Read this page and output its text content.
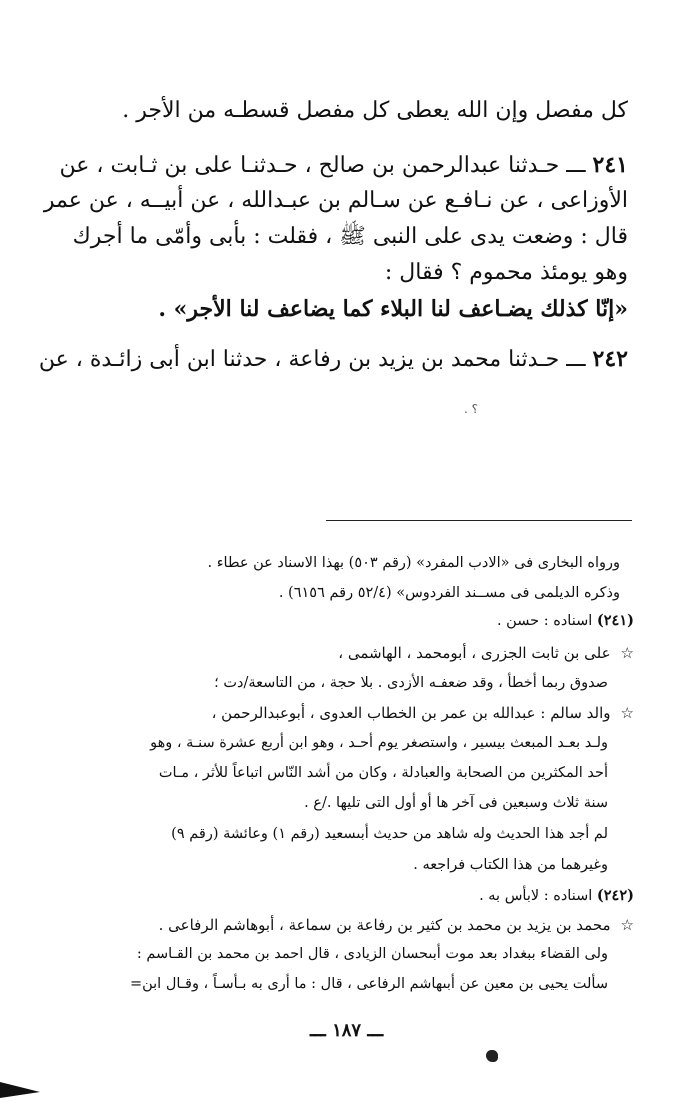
كل مفصل وإن الله يعطى كل مفصل قسطـه من الأجر .
٢٤١ ـــ حـدثنا عبدالرحمن بن صالح ، حـدثنـا على بن ثـابت ، عن
الأوزاعى ، عن نـافـع عن سـالم بن عبـدالله ، عن أبيــه ، عن عمر
قال : وضعت يدى على النبى ﷺ ، فقلت : بأبى وأمّى ما أجرك
وهو يومئذ محموم ؟ فقال :
«إنّا كذلك يضـاعف لنا البلاء كما يضاعف لنا الأجر» .
٢٤٢ ـــ حـدثنا محمد بن يزيد بن رفاعة ، حدثنا ابن أبى زائـدة ، عن
؟ .
ورواه البخارى فى «الادب المفرد» (رقم ٥٠٣) بهذا الاسناد عن عطاء .
وذكره الديلمى فى مســند الفردوس» (٥٢/٤ رقم ٦١٥٦) .
(٢٤١) اسناده : حسن .
☆على بن ثابت الجزرى ، أبومحمد ، الهاشمى ،
صدوق ربما أخطأ ، وقد ضعفـه الأزدى . بلا حجة ، من التاسعة/دت ؛
☆والد سالم : عبدالله بن عمر بن الخطاب العدوى ، أبوعبدالرحمن ،
ولـد بعـد المبعث بيسير ، واستصغر يوم أحـد ، وهو ابن أربع عشرة سنـة ، وهو
أحد المكثرين من الصحابة والعبادلة ، وكان من أشد النّاس اتباعاً للأثر ، مـات
سنة ثلاث وسبعين فى آخر ها أو أول التى تليها ./ع .
لم أجد هذا الحديث وله شاهد من حديث أبىسعيد (رقم ١) وعائشة (رقم ٩)
وغيرهما من هذا الكتاب فراجعه .
(٢٤٢) اسناده : لابأس به .
☆محمد بن يزيد بن محمد بن كثير بن رفاعة بن سماعة ، أبوهاشم الرفاعى .
ولى القضاء ببغداد بعد موت أبىحسان الزيادى ، قال احمد بن محمد بن القـاسم :
سألت يحيى بن معين عن أبىهاشم الرفاعى ، قال : ما أرى به بـأسـاً ، وقـال ابن=
ـــ ١٨٧ ـــ
